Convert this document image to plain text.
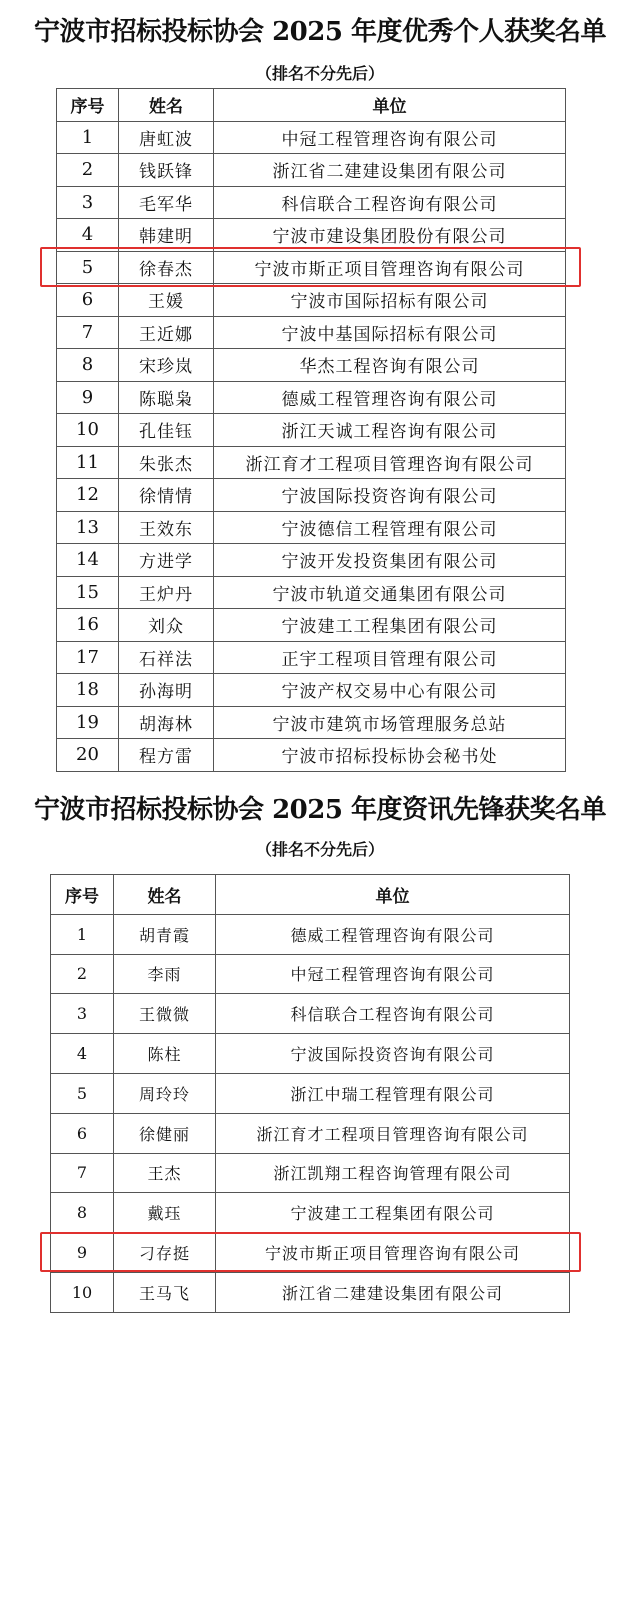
宁波市招标投标协会 2025 年度优秀个人获奖名单
（排名不分先后）
序号	姓名	单位
1	唐虹波	中冠工程管理咨询有限公司
2	钱跃锋	浙江省二建建设集团有限公司
3	毛军华	科信联合工程咨询有限公司
4	韩建明	宁波市建设集团股份有限公司
5	徐春杰	宁波市斯正项目管理咨询有限公司
6	王媛	宁波市国际招标有限公司
7	王近娜	宁波中基国际招标有限公司
8	宋珍岚	华杰工程咨询有限公司
9	陈聪枭	德威工程管理咨询有限公司
10	孔佳钰	浙江天诚工程咨询有限公司
11	朱张杰	浙江育才工程项目管理咨询有限公司
12	徐情情	宁波国际投资咨询有限公司
13	王效东	宁波德信工程管理有限公司
14	方进学	宁波开发投资集团有限公司
15	王炉丹	宁波市轨道交通集团有限公司
16	刘众	宁波建工工程集团有限公司
17	石祥法	正宇工程项目管理有限公司
18	孙海明	宁波产权交易中心有限公司
19	胡海林	宁波市建筑市场管理服务总站
20	程方雷	宁波市招标投标协会秘书处
宁波市招标投标协会 2025 年度资讯先锋获奖名单
（排名不分先后）
序号	姓名	单位
1	胡青霞	德威工程管理咨询有限公司
2	李雨	中冠工程管理咨询有限公司
3	王微微	科信联合工程咨询有限公司
4	陈柱	宁波国际投资咨询有限公司
5	周玲玲	浙江中瑞工程管理有限公司
6	徐健丽	浙江育才工程项目管理咨询有限公司
7	王杰	浙江凯翔工程咨询管理有限公司
8	戴珏	宁波建工工程集团有限公司
9	刁存挺	宁波市斯正项目管理咨询有限公司
10	王马飞	浙江省二建建设集团有限公司
